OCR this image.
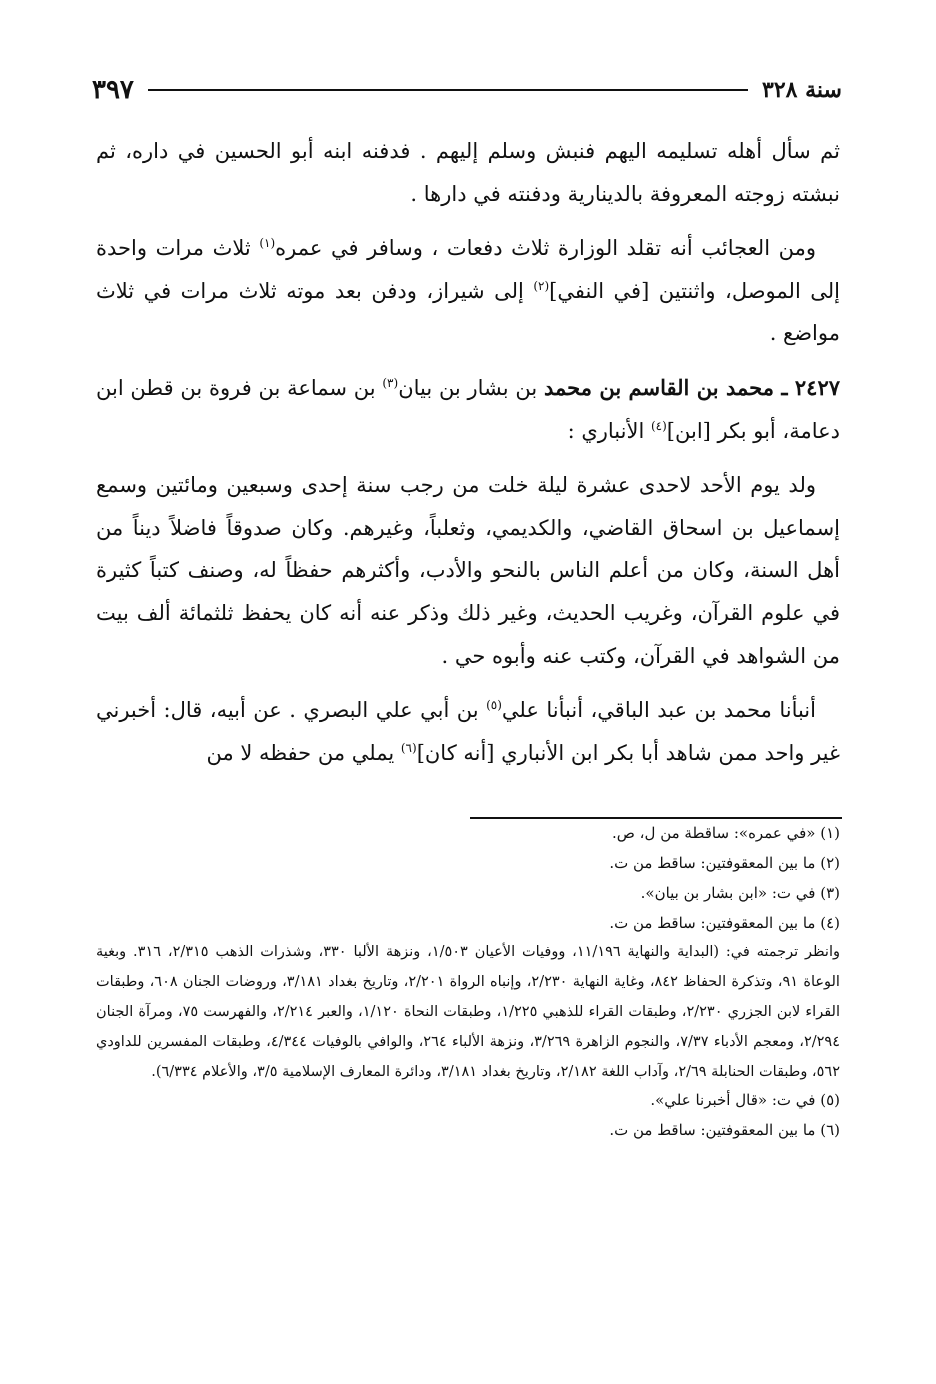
سنة ٣٢٨
٣٩٧

ثم سأل أهله تسليمه اليهم فنبش وسلم إليهم . فدفنه ابنه أبو الحسين في داره، ثم نبشته زوجته المعروفة بالدينارية ودفنته في دارها .

ومن العجائب أنه تقلد الوزارة ثلاث دفعات ، وسافر في عمره$^{(١)}$ ثلاث مرات واحدة إلى الموصل، واثنتين [في النفي]$^{(٢)}$ إلى شيراز، ودفن بعد موته ثلاث مرات في ثلاث مواضع .

٢٤٢٧ ـ محمد بن القاسم بن محمد بن بشار بن بيان$^{(٣)}$ بن سماعة بن فروة بن قطن ابن دعامة، أبو بكر [ابن]$^{(٤)}$ الأنباري :

ولد يوم الأحد لاحدى عشرة ليلة خلت من رجب سنة إحدى وسبعين ومائتين وسمع إسماعيل بن اسحاق القاضي، والكديمي، وثعلباً، وغيرهم. وكان صدوقاً فاضلاً ديناً من أهل السنة، وكان من أعلم الناس بالنحو والأدب، وأكثرهم حفظاً له، وصنف كتباً كثيرة في علوم القرآن، وغريب الحديث، وغير ذلك وذكر عنه أنه كان يحفظ ثلثمائة ألف بيت من الشواهد في القرآن، وكتب عنه وأبوه حي .

أنبأنا محمد بن عبد الباقي، أنبأنا علي$^{(٥)}$ بن أبي علي البصري . عن أبيه، قال: أخبرني غير واحد ممن شاهد أبا بكر ابن الأنباري [أنه كان]$^{(٦)}$ يملي من حفظه لا من

(١) «في عمره»: ساقطة من ل، ص.

(٢) ما بين المعقوفتين: ساقط من ت.

(٣) في ت: «ابن بشار بن بيان».

(٤) ما بين المعقوفتين: ساقط من ت.

وانظر ترجمته في: (البداية والنهاية ١١/١٩٦، ووفيات الأعيان ١/٥٠٣، ونزهة الألبا ٣٣٠، وشذرات الذهب ٢/٣١٥، ٣١٦. وبغية الوعاة ٩١، وتذكرة الحفاظ ٨٤٢، وغاية النهاية ٢/٢٣٠، وإنباه الرواة ٢/٢٠١، وتاريخ بغداد ٣/١٨١، وروضات الجنان ٦٠٨، وطبقات القراء لابن الجزري ٢/٢٣٠، وطبقات القراء للذهبي ١/٢٢٥، وطبقات النحاة ١/١٢٠، والعبر ٢/٢١٤، والفهرست ٧٥، ومرآة الجنان ٢/٢٩٤، ومعجم الأدباء ٧/٣٧، والنجوم الزاهرة ٣/٢٦٩، ونزهة الألباء ٢٦٤، والوافي بالوفيات ٤/٣٤٤، وطبقات المفسرين للداودي ٥٦٢، وطبقات الحنابلة ٢/٦٩، وآداب اللغة ٢/١٨٢، وتاريخ بغداد ٣/١٨١، ودائرة المعارف الإسلامية ٣/٥، والأعلام ٦/٣٣٤).

(٥) في ت: «قال أخبرنا علي».

(٦) ما بين المعقوفتين: ساقط من ت.
